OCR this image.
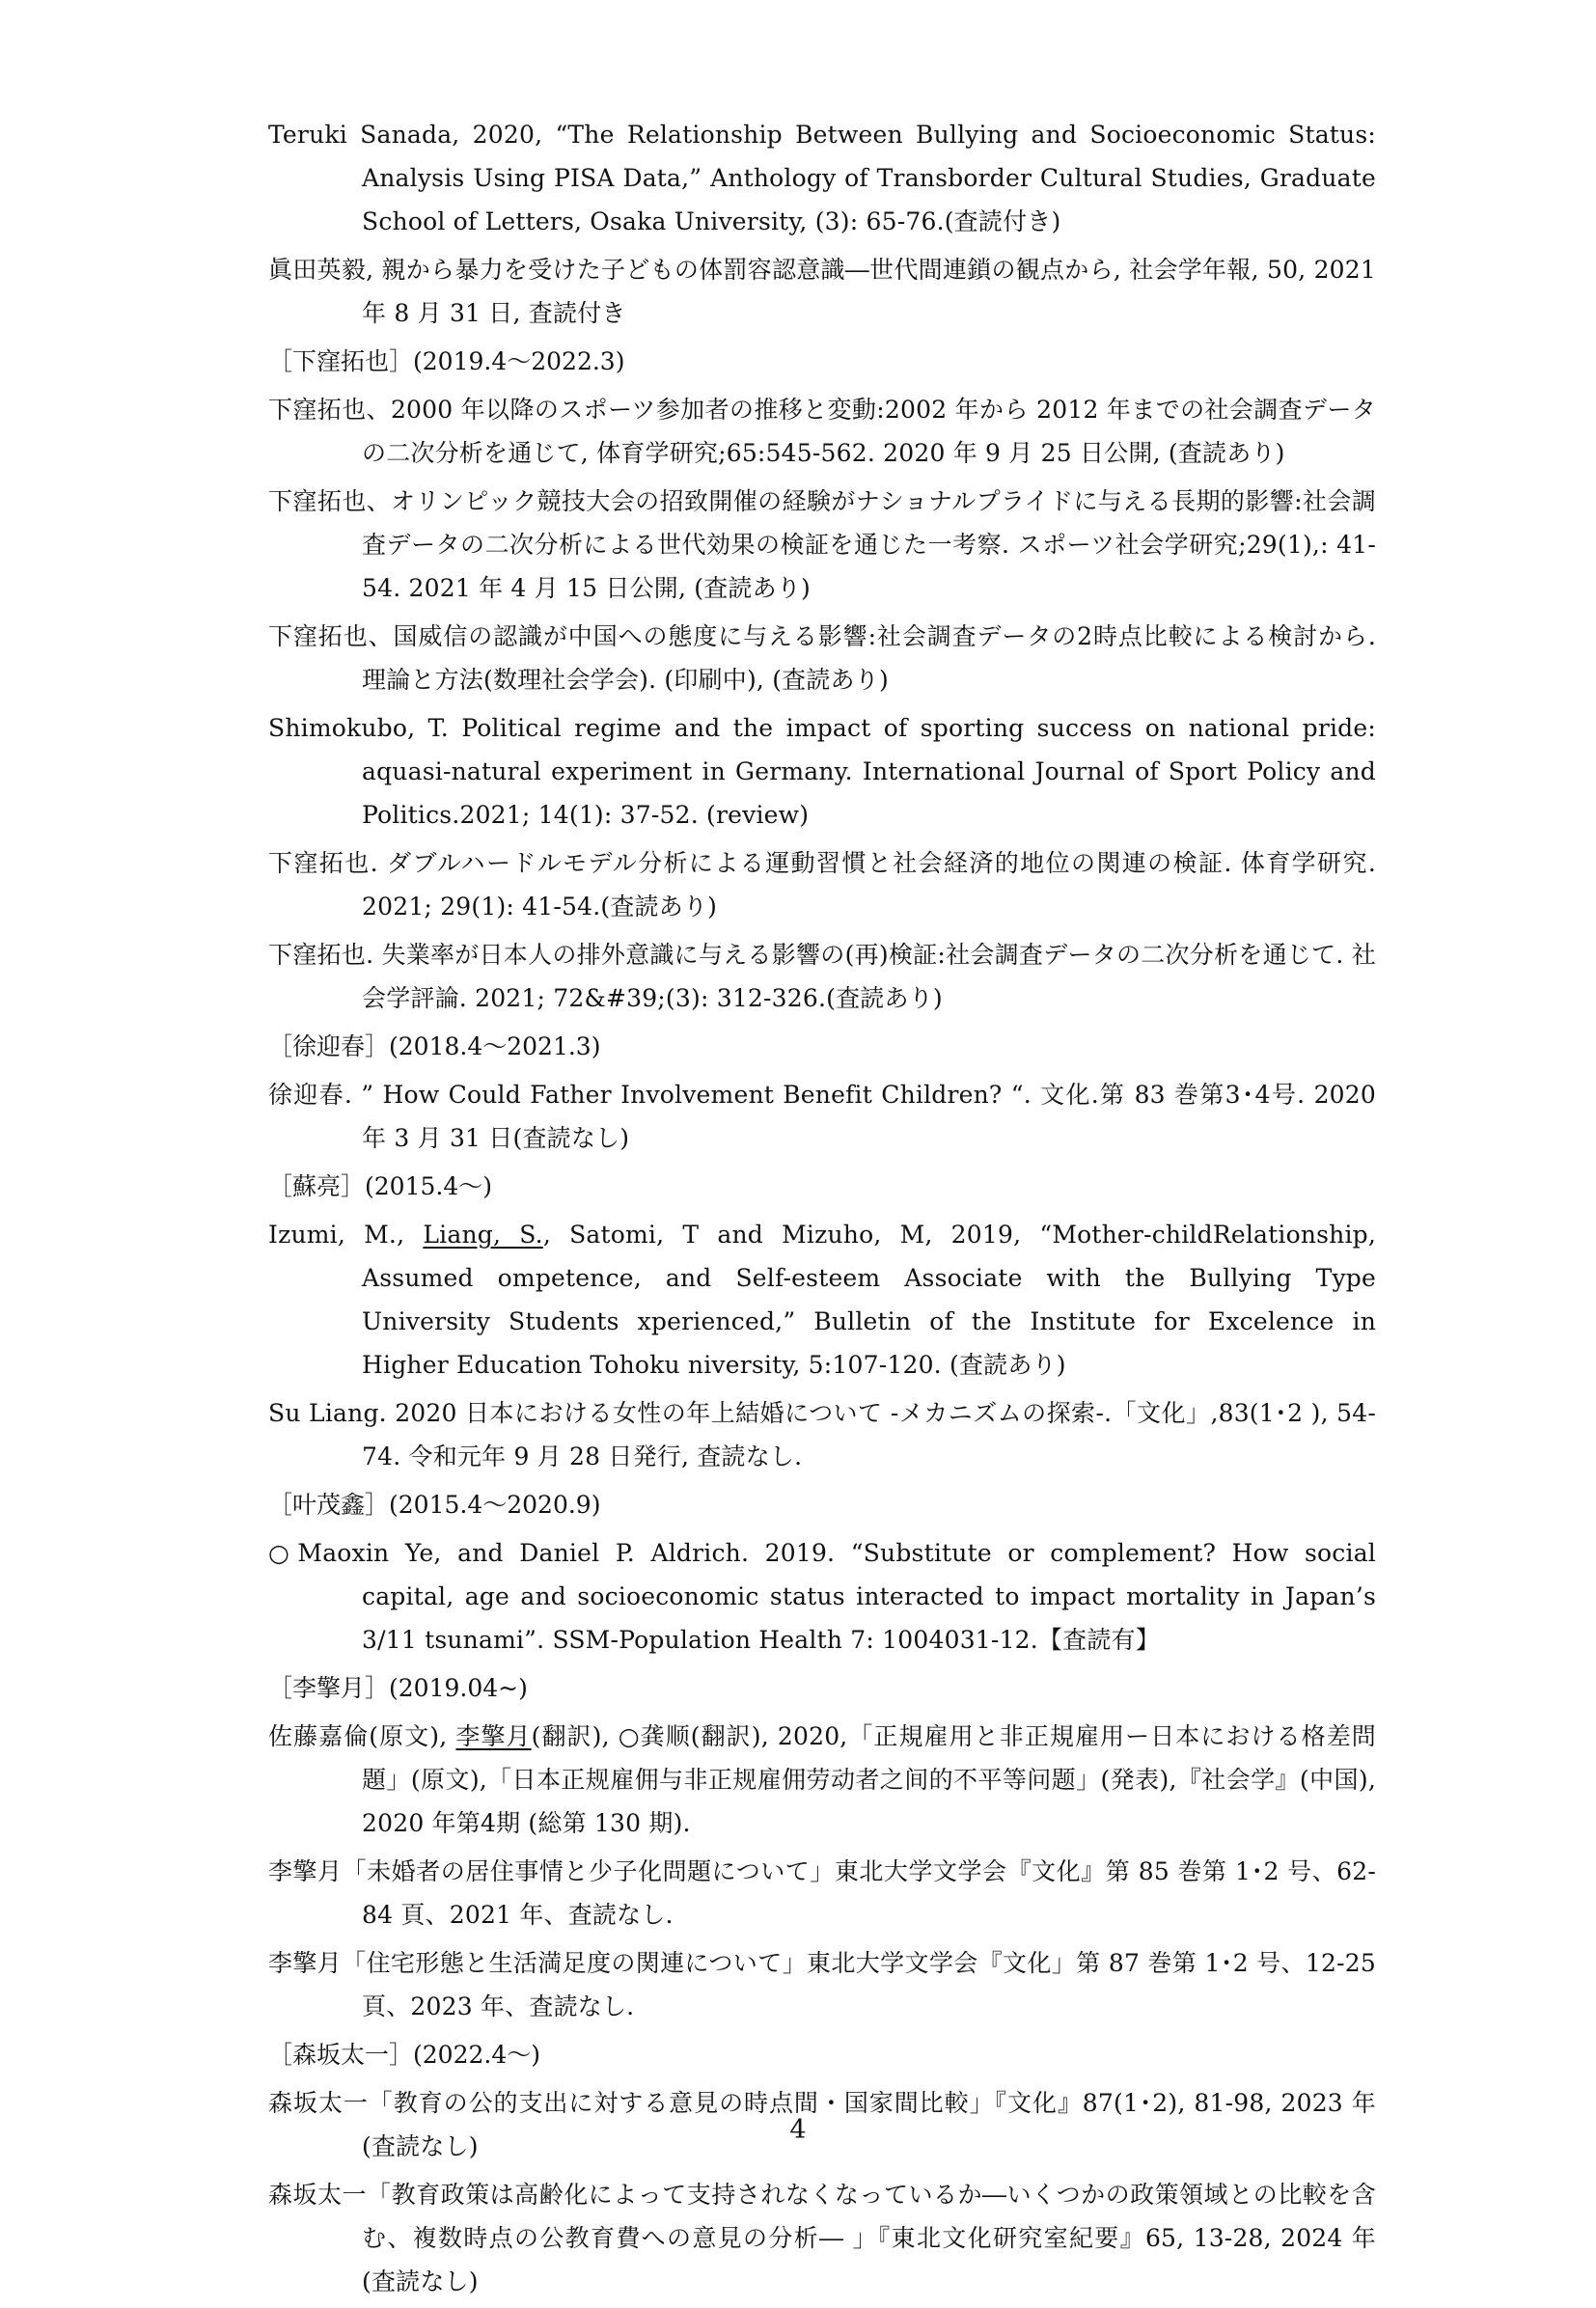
Teruki Sanada, 2020, “The Relationship Between Bullying and Socioeconomic Status: Analysis Using PISA Data,” Anthology of Transborder Cultural Studies, Graduate School of Letters, Osaka University, (3): 65-76.(査読付き)

眞田英毅, 親から暴力を受けた子どもの体罰容認意識―世代間連鎖の観点から, 社会学年報, 50, 2021 年 8 月 31 日, 査読付き

［下窪拓也］(2019.4～2022.3)

下窪拓也、2000 年以降のスポーツ参加者の推移と変動:2002 年から 2012 年までの社会調査データの二次分析を通じて, 体育学研究;65:545-562. 2020 年 9 月 25 日公開, (査読あり)

下窪拓也、オリンピック競技大会の招致開催の経験がナショナルプライドに与える長期的影響:社会調査データの二次分析による世代効果の検証を通じた一考察. スポーツ社会学研究;29(1),: 41-54. 2021 年 4 月 15 日公開, (査読あり)

下窪拓也、国威信の認識が中国への態度に与える影響:社会調査データの2時点比較による検討から. 理論と方法(数理社会学会). (印刷中), (査読あり)

Shimokubo, T. Political regime and the impact of sporting success on national pride: aquasi-natural experiment in Germany. International Journal of Sport Policy and Politics.2021; 14(1): 37-52. (review)

下窪拓也. ダブルハードルモデル分析による運動習慣と社会経済的地位の関連の検証. 体育学研究. 2021; 29(1): 41-54.(査読あり)

下窪拓也. 失業率が日本人の排外意識に与える影響の(再)検証:社会調査データの二次分析を通じて. 社会学評論. 2021; 72&#39;(3): 312-326.(査読あり)

［徐迎春］(2018.4～2021.3)

徐迎春. ” How Could Father Involvement Benefit Children? “. 文化.第 83 巻第3･4号. 2020 年 3 月 31 日(査読なし)

［蘇亮］(2015.4～)

Izumi, M., Liang, S., Satomi, T and Mizuho, M, 2019, “Mother-childRelationship, Assumed ompetence, and Self-esteem Associate with the Bullying Type University Students xperienced,” Bulletin of the Institute for Excelence in Higher Education Tohoku niversity, 5:107-120. (査読あり)

Su Liang. 2020 日本における女性の年上結婚について -メカニズムの探索-.「文化」,83(1･2 ), 54-74. 令和元年 9 月 28 日発行, 査読なし.

［叶茂鑫］(2015.4～2020.9)

○Maoxin Ye, and Daniel P. Aldrich. 2019. “Substitute or complement? How social capital, age and socioeconomic status interacted to impact mortality in Japan’s 3/11 tsunami”. SSM-Population Health 7: 1004031-12.【査読有】

［李擎月］(2019.04~)

佐藤嘉倫(原文), 李擎月(翻訳), ○龚顺(翻訳), 2020,「正規雇用と非正規雇用ー日本における格差問題」(原文),「日本正规雇佣与非正规雇佣劳动者之间的不平等问题」(発表),『社会学』(中国), 2020 年第4期 (総第 130 期).

李擎月「未婚者の居住事情と少子化問題について」東北大学文学会『文化』第 85 巻第 1･2 号、62-84 頁、2021 年、査読なし.

李擎月「住宅形態と生活満足度の関連について」東北大学文学会『文化」第 87 巻第 1･2 号、12-25 頁、2023 年、査読なし.

［森坂太一］(2022.4～)

森坂太一「教育の公的支出に対する意見の時点間・国家間比較」『文化』87(1･2), 81-98, 2023 年 (査読なし)

森坂太一「教育政策は高齢化によって支持されなくなっているか―いくつかの政策領域との比較を含む、複数時点の公教育費への意見の分析― 」『東北文化研究室紀要』65, 13-28, 2024 年 (査読なし)

4
